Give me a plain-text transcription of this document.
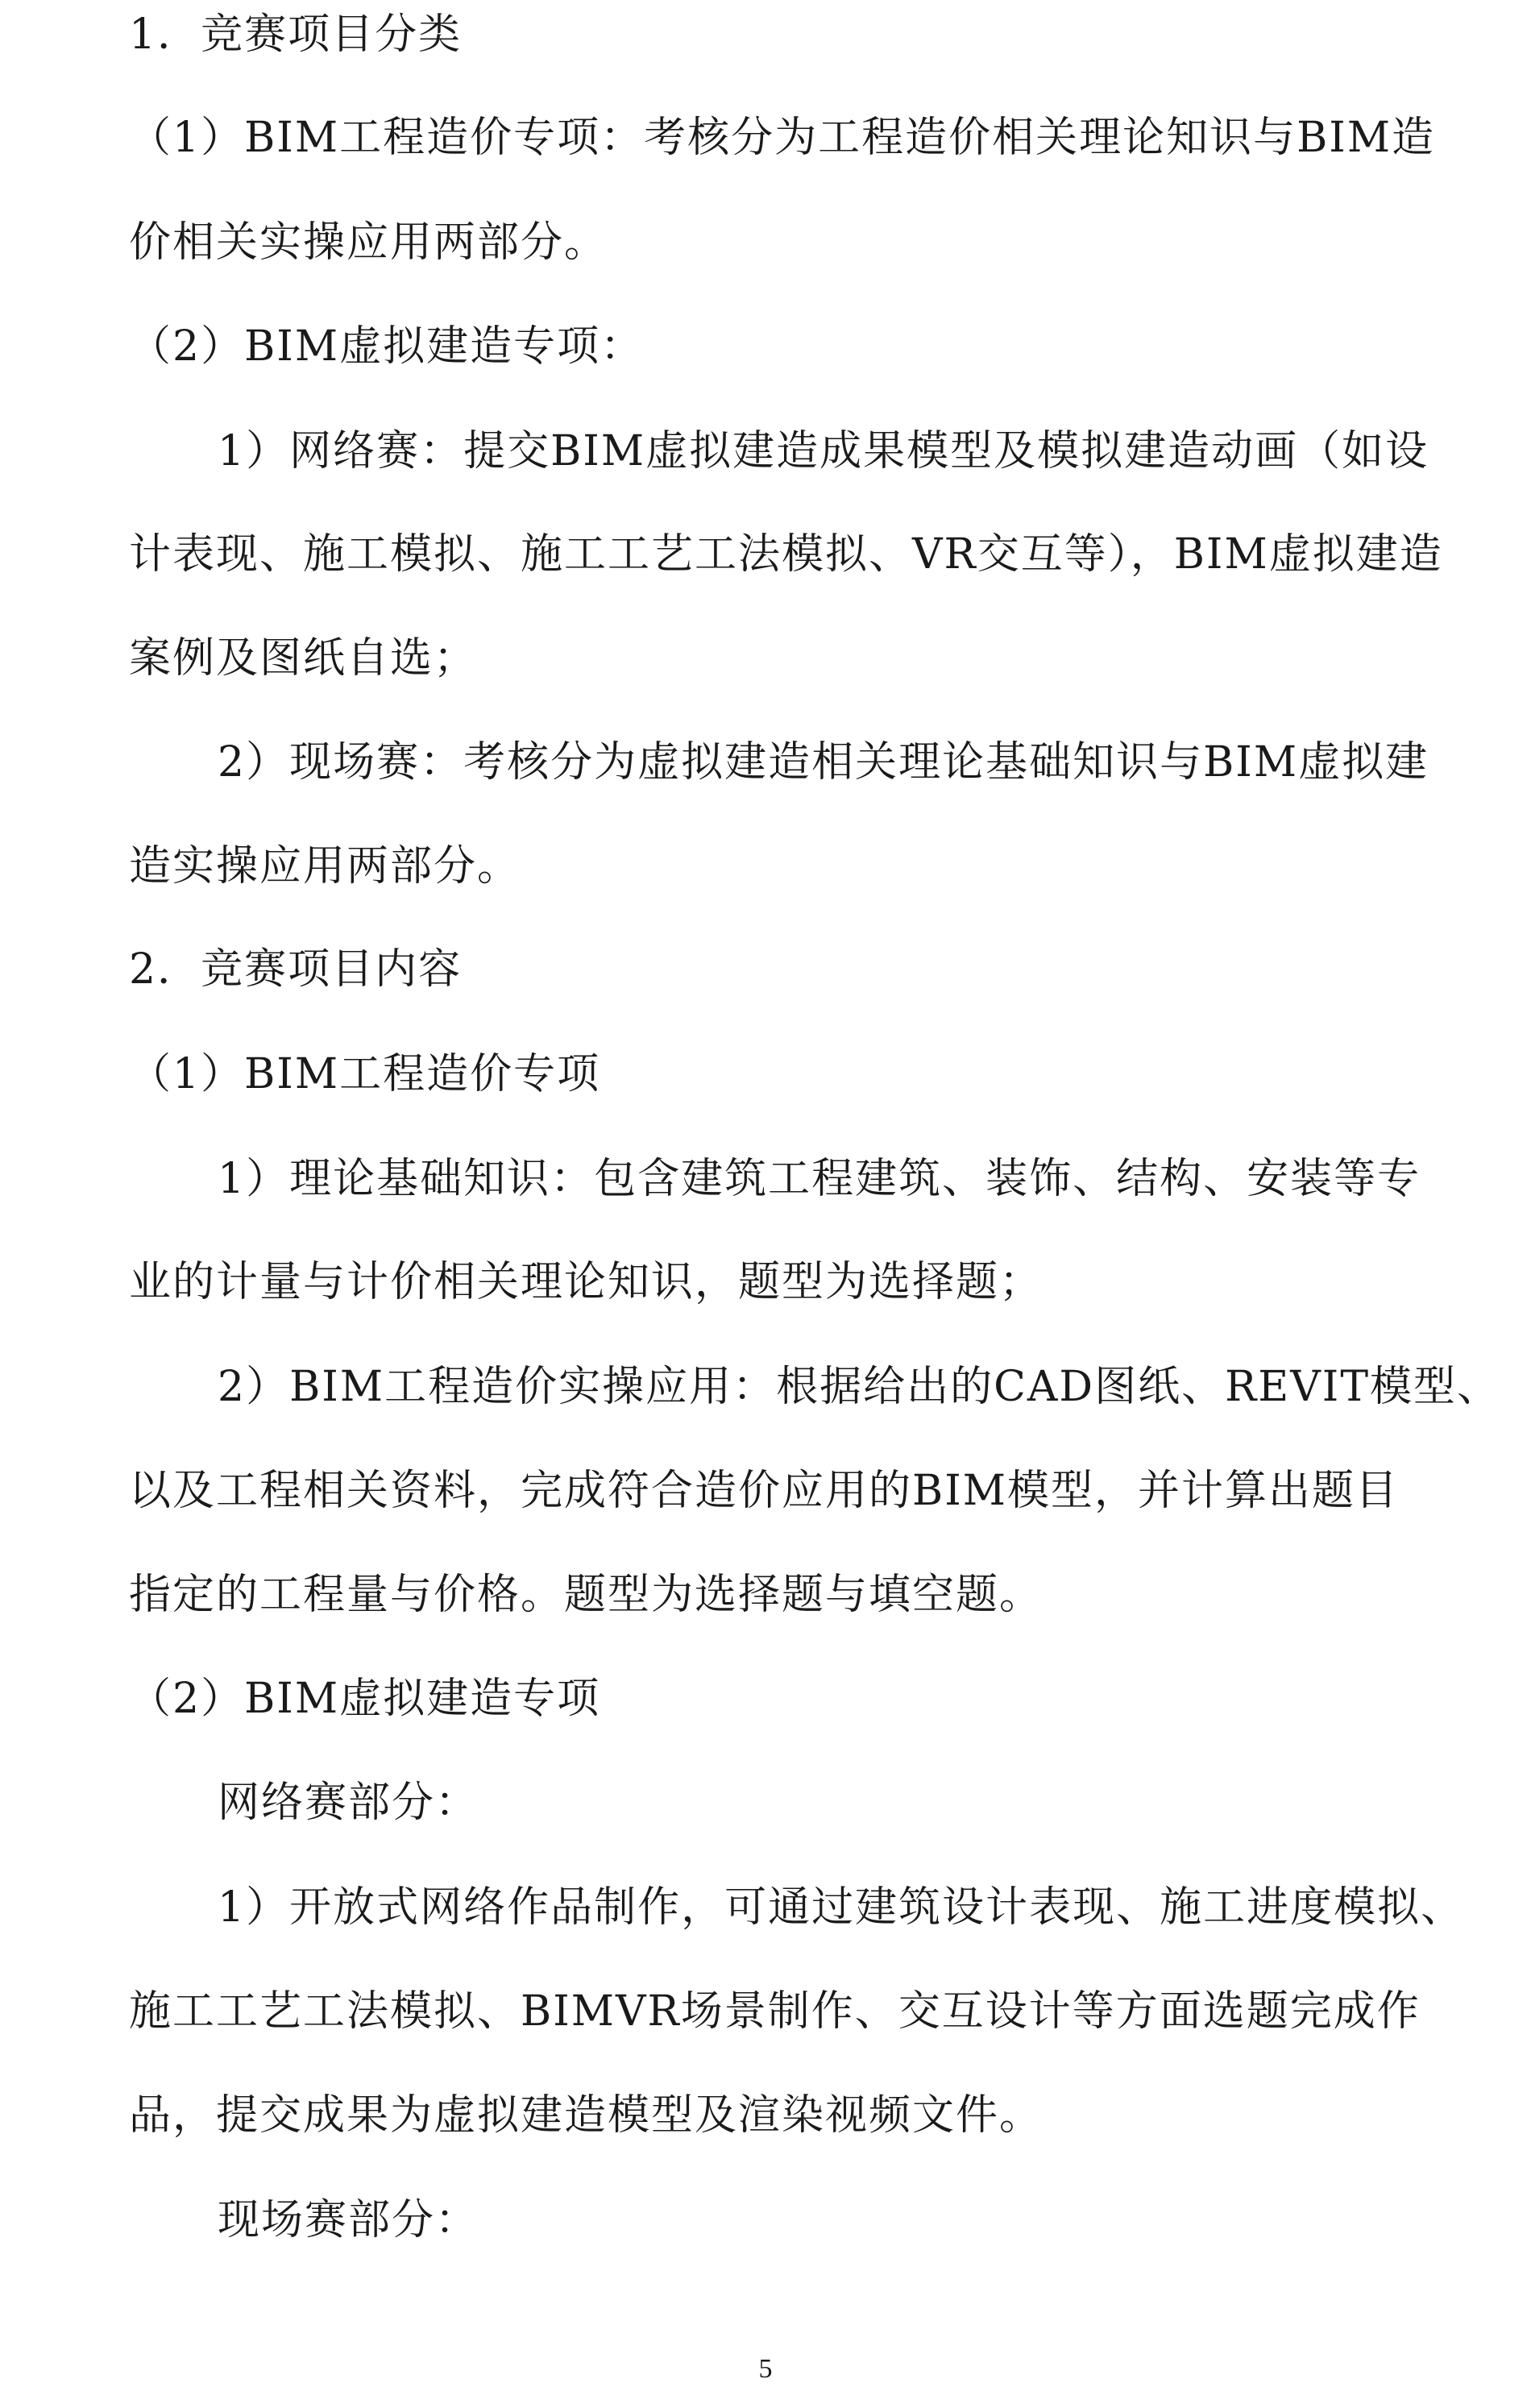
1．竞赛项目分类
（1）BIM工程造价专项：考核分为工程造价相关理论知识与BIM造
价相关实操应用两部分。
（2）BIM虚拟建造专项：
1）网络赛：提交BIM虚拟建造成果模型及模拟建造动画（如设
计表现、施工模拟、施工工艺工法模拟、VR交互等），BIM虚拟建造
案例及图纸自选；
2）现场赛：考核分为虚拟建造相关理论基础知识与BIM虚拟建
造实操应用两部分。
2．竞赛项目内容
（1）BIM工程造价专项
1）理论基础知识：包含建筑工程建筑、装饰、结构、安装等专
业的计量与计价相关理论知识，题型为选择题；
2）BIM工程造价实操应用：根据给出的CAD图纸、REVIT模型、
以及工程相关资料，完成符合造价应用的BIM模型，并计算出题目
指定的工程量与价格。题型为选择题与填空题。
（2）BIM虚拟建造专项
网络赛部分：
1）开放式网络作品制作，可通过建筑设计表现、施工进度模拟、
施工工艺工法模拟、BIMVR场景制作、交互设计等方面选题完成作
品，提交成果为虚拟建造模型及渲染视频文件。
现场赛部分：
5
